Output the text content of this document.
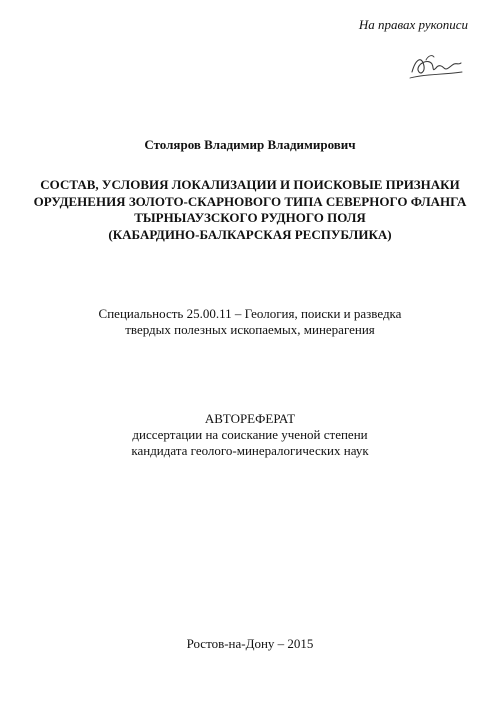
На правах рукописи
Столяров Владимир Владимирович
СОСТАВ, УСЛОВИЯ ЛОКАЛИЗАЦИИ И ПОИСКОВЫЕ ПРИЗНАКИ
ОРУДЕНЕНИЯ ЗОЛОТО-СКАРНОВОГО ТИПА СЕВЕРНОГО ФЛАНГА
ТЫРНЫАУЗСКОГО РУДНОГО ПОЛЯ
(КАБАРДИНО-БАЛКАРСКАЯ РЕСПУБЛИКА)
Специальность 25.00.11 – Геология, поиски и разведка
твердых полезных ископаемых, минерагения
АВТОРЕФЕРАТ
диссертации на соискание ученой степени
кандидата геолого-минералогических наук
Ростов-на-Дону – 2015
